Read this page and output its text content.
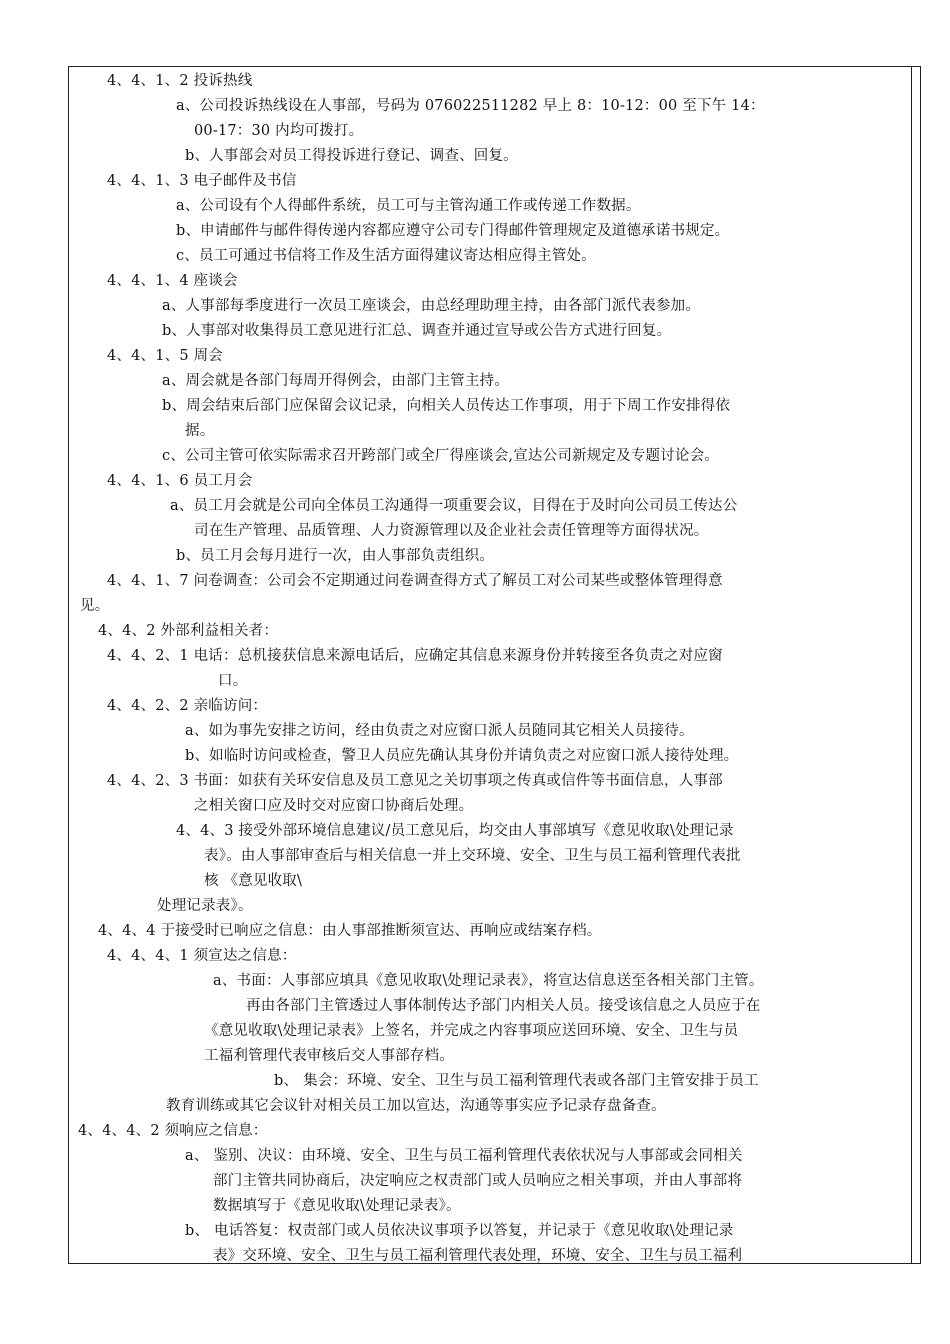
4、4、1、2 投诉热线
a、公司投诉热线设在人事部，号码为 076022511282 早上 8：10-12：00 至下午 14：
00-17：30 内均可拨打。
b、人事部会对员工得投诉进行登记、调查、回复。
4、4、1、3 电子邮件及书信
a、公司设有个人得邮件系统，员工可与主管沟通工作或传递工作数据。
b、申请邮件与邮件得传递内容都应遵守公司专门得邮件管理规定及道德承诺书规定。
c、员工可通过书信将工作及生活方面得建议寄达相应得主管处。
4、4、1、4 座谈会
a、人事部每季度进行一次员工座谈会，由总经理助理主持，由各部门派代表参加。
b、人事部对收集得员工意见进行汇总、调查并通过宣导或公告方式进行回复。
4、4、1、5 周会
a、周会就是各部门每周开得例会，由部门主管主持。
b、周会结束后部门应保留会议记录，向相关人员传达工作事项，用于下周工作安排得依
据。
c、公司主管可依实际需求召开跨部门或全厂得座谈会,宣达公司新规定及专题讨论会。
4、4、1、6 员工月会
a、员工月会就是公司向全体员工沟通得一项重要会议，目得在于及时向公司员工传达公
司在生产管理、品质管理、人力资源管理以及企业社会责任管理等方面得状况。
b、员工月会每月进行一次，由人事部负责组织。
4、4、1、7 问卷调查：公司会不定期通过问卷调查得方式了解员工对公司某些或整体管理得意
见。
4、4、2 外部利益相关者：
4、4、2、1 电话：总机接获信息来源电话后，应确定其信息来源身份并转接至各负责之对应窗
口。
4、4、2、2 亲临访问：
a、如为事先安排之访问，经由负责之对应窗口派人员随同其它相关人员接待。
b、如临时访问或检查，警卫人员应先确认其身份并请负责之对应窗口派人接待处理。
4、4、2、3 书面：如获有关环安信息及员工意见之关切事项之传真或信件等书面信息，人事部
之相关窗口应及时交对应窗口协商后处理。
4、4、3 接受外部环境信息建议/员工意见后，均交由人事部填写《意见收取\处理记录
表》。由人事部审查后与相关信息一并上交环境、安全、卫生与员工福利管理代表批
核 《意见收取\
处理记录表》。
4、4、4 于接受时已响应之信息：由人事部推断须宣达、再响应或结案存档。
4、4、4、1 须宣达之信息：
a、书面：人事部应填具《意见收取\处理记录表》，将宣达信息送至各相关部门主管。
再由各部门主管透过人事体制传达予部门内相关人员。接受该信息之人员应于在
《意见收取\处理记录表》上签名，并完成之内容事项应送回环境、安全、卫生与员
工福利管理代表审核后交人事部存档。
b、 集会：环境、安全、卫生与员工福利管理代表或各部门主管安排于员工
教育训练或其它会议针对相关员工加以宣达，沟通等事实应予记录存盘备查。
4、4、4、2 须响应之信息：
a、 鉴别、决议：由环境、安全、卫生与员工福利管理代表依状况与人事部或会同相关
部门主管共同协商后，决定响应之权责部门或人员响应之相关事项，并由人事部将
数据填写于《意见收取\处理记录表》。
b、 电话答复：权责部门或人员依决议事项予以答复，并记录于《意见收取\处理记录
表》交环境、安全、卫生与员工福利管理代表处理，环境、安全、卫生与员工福利
